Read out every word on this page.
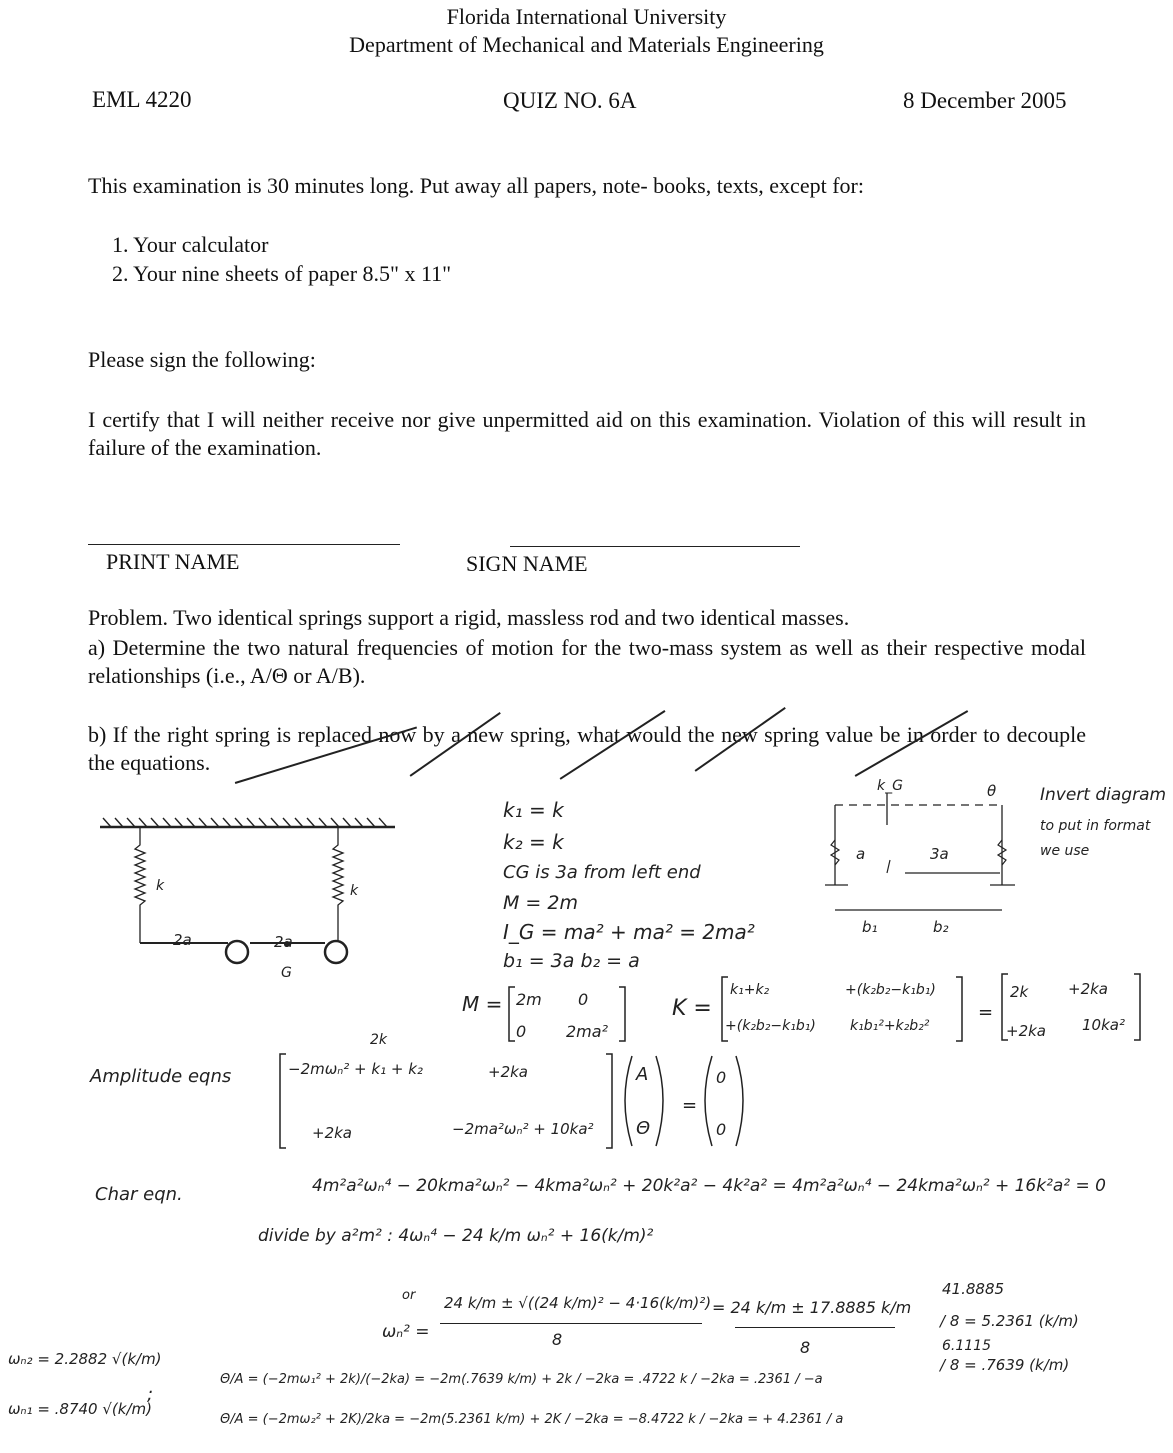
Florida International University
Department of Mechanical and Materials Engineering
EML 4220	QUIZ NO. 6A	8 December 2005
This examination is 30 minutes long. Put away all papers, note- books, texts, except for:
1. Your calculator
2. Your nine sheets of paper 8.5" x 11"
Please sign the following:
I certify that I will neither receive nor give unpermitted aid on this examination. Violation of this will result in failure of the examination.
PRINT NAME	SIGN NAME
Problem. Two identical springs support a rigid, massless rod and two identical masses.
a) Determine the two natural frequencies of motion for the two-mass system as well as their respective modal relationships (i.e., A/Θ or A/B).
b) If the right spring is replaced now by a new spring, what would the new spring value be in order to decouple the equations.
k	k
2a	2a
G
k₁ = k
k₂ = k
CG is 3a from left end
M = 2m
I_G = ma² + ma² = 2ma²
b₁ = 3a b₂ = a
k_G	θ
a	3a
b₁	b₂
Invert diagram
to put in format
we use
M = 2m 0
0 2ma²
K =
k₁+k₂	+(k₂b₂−k₁b₁)
+(k₂b₂−k₁b₁) k₁b₁²+k₂b₂²
=
2k	+2ka
+2ka 10ka²
Amplitude eqns
2k
−2mωₙ² + k₁ + k₂	+2ka
+2ka	−2ma²ωₙ² + 10ka²
A
Θ
=
0
0
Char eqn.	4m²a²ωₙ⁴ − 20kma²ωₙ² − 4kma²ωₙ² + 20k²a² − 4k²a² = 4m²a²ωₙ⁴ − 24kma²ωₙ² + 16k²a² = 0
divide by a²m² : 4ωₙ⁴ − 24 k/m ωₙ² + 16(k/m)²
or
ωₙ² =
24 k/m ± √((24 k/m)² − 4·16(k/m)²)
8
= 24 k/m ± 17.8885 k/m
8
41.8885
/ 8 = 5.2361 (k/m)
6.1115
/ 8 = .7639 (k/m)
ωₙ₂ = 2.2882 √(k/m)
;
ωₙ₁ = .8740 √(k/m)
Θ/A = (−2mω₁² + 2k)/(−2ka) = −2m(.7639 k/m) + 2k / −2ka = .4722 k / −2ka = .2361 / −a
Θ/A = (−2mω₂² + 2K)/2ka = −2m(5.2361 k/m) + 2K / −2ka = −8.4722 k / −2ka = + 4.2361 / a
